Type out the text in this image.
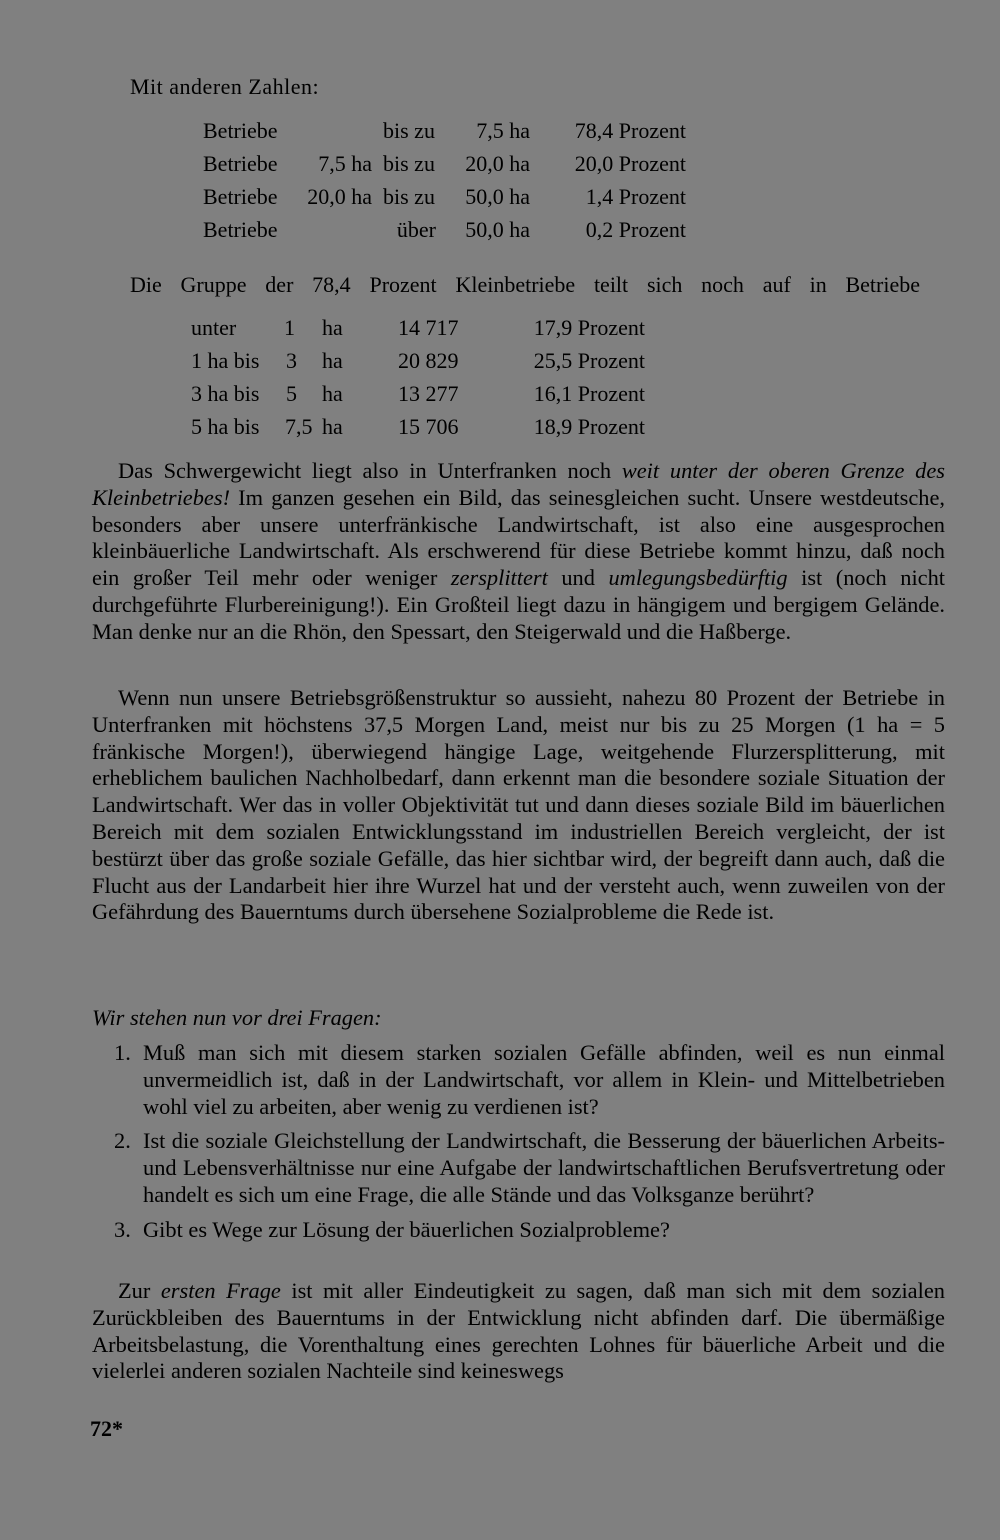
Mit anderen Zahlen:
Betriebe	bis zu	7,5 ha	78,4 Prozent
Betriebe	7,5 ha bis zu	20,0 ha	20,0 Prozent
Betriebe	20,0 ha bis zu	50,0 ha	1,4 Prozent
Betriebe	über	50,0 ha	0,2 Prozent
Die Gruppe der 78,4 Prozent Kleinbetriebe teilt sich noch auf in Betriebe
unter	1 ha	14 717	17,9 Prozent
1 ha bis	3 ha	20 829	25,5 Prozent
3 ha bis	5 ha	13 277	16,1 Prozent
5 ha bis 7,5 ha	15 706	18,9 Prozent
Das Schwergewicht liegt also in Unterfranken noch weit unter der oberen Grenze des Kleinbetriebes! Im ganzen gesehen ein Bild, das seinesgleichen sucht. Unsere westdeutsche, besonders aber unsere unterfränkische Landwirtschaft, ist also eine ausgesprochen kleinbäuerliche Landwirtschaft. Als erschwerend für diese Betriebe kommt hinzu, daß noch ein großer Teil mehr oder weniger zersplittert und umlegungsbedürftig ist (noch nicht durchgeführte Flurbereinigung!). Ein Großteil liegt dazu in hängigem und bergigem Gelände. Man denke nur an die Rhön, den Spessart, den Steigerwald und die Haßberge.
Wenn nun unsere Betriebsgrößenstruktur so aussieht, nahezu 80 Prozent der Betriebe in Unterfranken mit höchstens 37,5 Morgen Land, meist nur bis zu 25 Morgen (1 ha = 5 fränkische Morgen!), überwiegend hängige Lage, weitgehende Flurzersplitterung, mit erheblichem baulichen Nachholbedarf, dann erkennt man die besondere soziale Situation der Landwirtschaft. Wer das in voller Objektivität tut und dann dieses soziale Bild im bäuerlichen Bereich mit dem sozialen Entwicklungsstand im industriellen Bereich vergleicht, der ist bestürzt über das große soziale Gefälle, das hier sichtbar wird, der begreift dann auch, daß die Flucht aus der Landarbeit hier ihre Wurzel hat und der versteht auch, wenn zuweilen von der Gefährdung des Bauerntums durch übersehene Sozialprobleme die Rede ist.
Wir stehen nun vor drei Fragen:
1. Muß man sich mit diesem starken sozialen Gefälle abfinden, weil es nun einmal unvermeidlich ist, daß in der Landwirtschaft, vor allem in Klein- und Mittelbetrieben wohl viel zu arbeiten, aber wenig zu verdienen ist?
2. Ist die soziale Gleichstellung der Landwirtschaft, die Besserung der bäuerlichen Arbeits- und Lebensverhältnisse nur eine Aufgabe der landwirtschaftlichen Berufsvertretung oder handelt es sich um eine Frage, die alle Stände und das Volksganze berührt?
3. Gibt es Wege zur Lösung der bäuerlichen Sozialprobleme?
Zur ersten Frage ist mit aller Eindeutigkeit zu sagen, daß man sich mit dem sozialen Zurückbleiben des Bauerntums in der Entwicklung nicht abfinden darf. Die übermäßige Arbeitsbelastung, die Vorenthaltung eines gerechten Lohnes für bäuerliche Arbeit und die vielerlei anderen sozialen Nachteile sind keineswegs
72*
